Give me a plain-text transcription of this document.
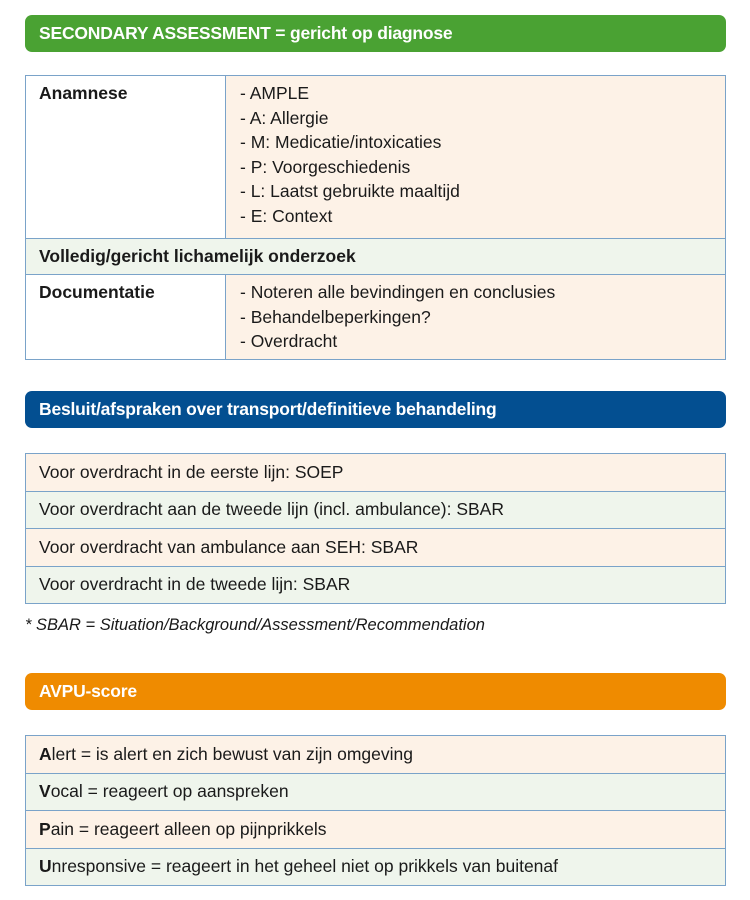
SECONDARY ASSESSMENT = gericht op diagnose
Anamnese	- AMPLE
- A: Allergie
- M: Medicatie/intoxicaties
- P: Voorgeschiedenis
- L: Laatst gebruikte maaltijd
- E: Context

Volledig/gericht lichamelijk onderzoek	
Documentatie	- Noteren alle bevindingen en conclusies
- Behandelbeperkingen?
- Overdracht
Besluit/afspraken over transport/definitieve behandeling
Voor overdracht in de eerste lijn: SOEP
Voor overdracht aan de tweede lijn (incl. ambulance): SBAR
Voor overdracht van ambulance aan SEH: SBAR
Voor overdracht in de tweede lijn: SBAR
* SBAR = Situation/Background/Assessment/Recommendation
AVPU-score
Alert = is alert en zich bewust van zijn omgeving
Vocal = reageert op aanspreken
Pain = reageert alleen op pijnprikkels
Unresponsive = reageert in het geheel niet op prikkels van buitenaf
